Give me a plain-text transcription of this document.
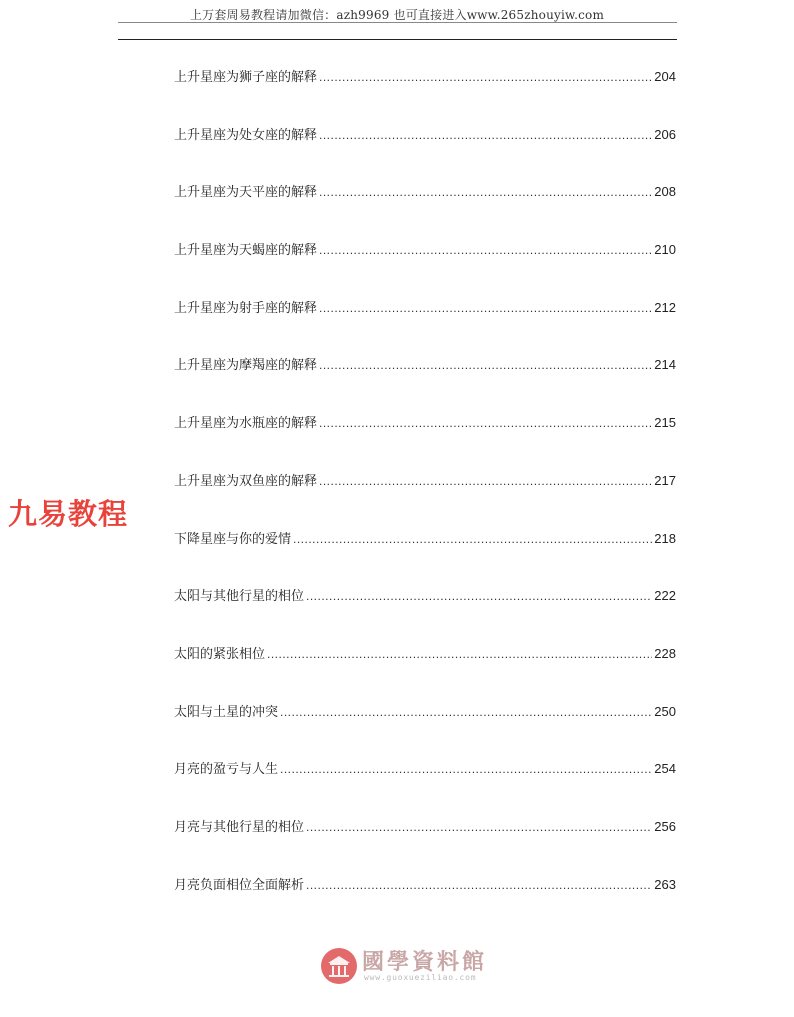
上万套周易教程请加微信：azh9969 也可直接进入www.265zhouyiw.com
上升星座为狮子座的解释 .....	204
上升星座为处女座的解释 .....	206
上升星座为天平座的解释 .....	208
上升星座为天蝎座的解释 .....	210
上升星座为射手座的解释 .....	212
上升星座为摩羯座的解释 .....	214
上升星座为水瓶座的解释 .....	215
上升星座为双鱼座的解释 .....	217
下降星座与你的爱情 .....	218
太阳与其他行星的相位 .....	222
太阳的紧张相位 .....	228
太阳与土星的冲突 .....	250
月亮的盈亏与人生 .....	254
月亮与其他行星的相位 .....	256
月亮负面相位全面解析 .....	263
九易教程
國學資料館
www.guoxueziliao.com
